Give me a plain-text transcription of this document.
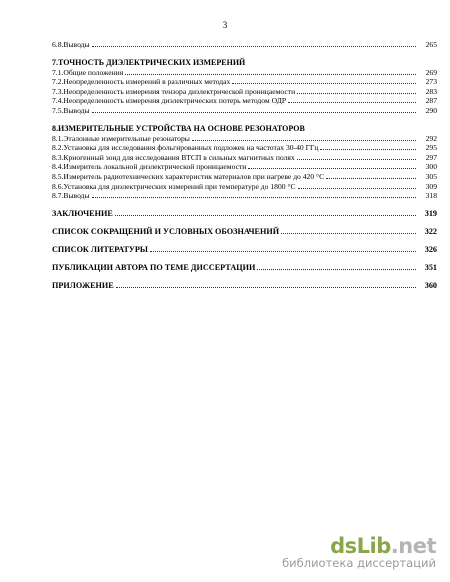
3
6.8.Выводы	265
7.ТОЧНОСТЬ ДИЭЛЕКТРИЧЕСКИХ ИЗМЕРЕНИЙ
7.1.Общие положения	269
7.2.Неопределенность измерений в различных методах	273
7.3.Неопределенность измерения тензора диэлектрической проницаемости	283
7.4.Неопределенность измерения диэлектрических потерь методом ОДР	287
7.5.Выводы	290
8.ИЗМЕРИТЕЛЬНЫЕ УСТРОЙСТВА НА ОСНОВЕ РЕЗОНАТОРОВ
8.1.Эталонные измерительные резонаторы	292
8.2.Установка для исследования фольгированных подложек на частотах 30-40 ГГц	295
8.3.Криогенный зонд для исследования ВТСП в сильных магнитных полях	297
8.4.Измеритель локальной диэлектрической проницаемости	300
8.5.Измеритель радиотехнических характеристик материалов при нагреве до 420 °С	305
8.6.Установка для диэлектрических измерений при температуре до 1800 °С	309
8.7.Выводы	318
ЗАКЛЮЧЕНИЕ	319
СПИСОК СОКРАЩЕНИЙ И УСЛОВНЫХ ОБОЗНАЧЕНИЙ	322
СПИСОК ЛИТЕРАТУРЫ	326
ПУБЛИКАЦИИ АВТОРА ПО ТЕМЕ ДИССЕРТАЦИИ	351
ПРИЛОЖЕНИЕ	360
dsLib.net
библиотека диссертаций
